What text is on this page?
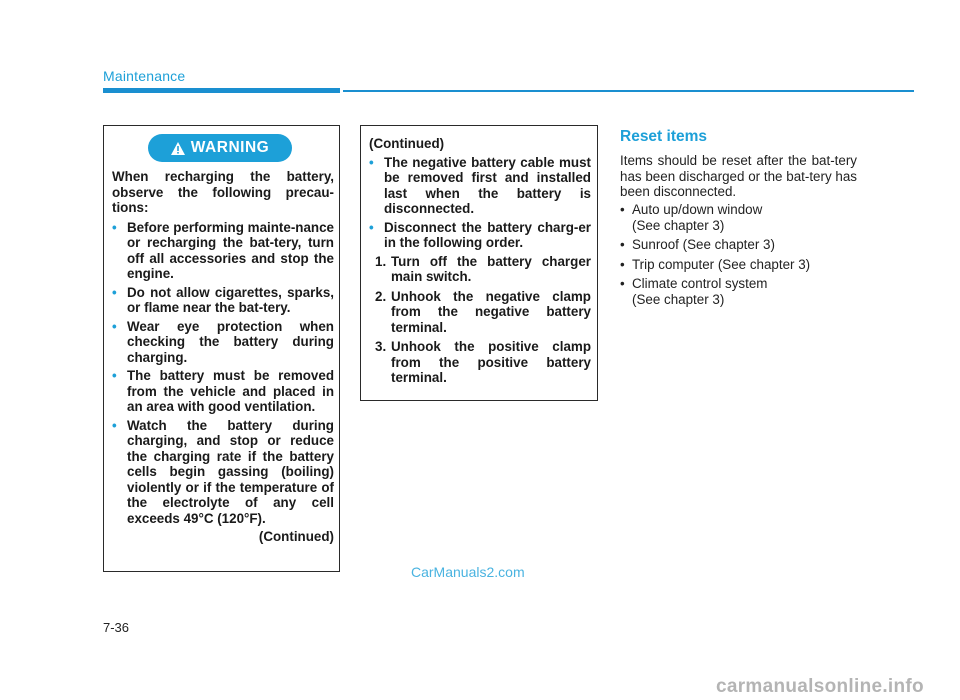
Maintenance
WARNING

When recharging the battery, observe the following precau-tions:

• Before performing mainte-nance or recharging the bat-tery, turn off all accessories and stop the engine.
• Do not allow cigarettes, sparks, or flame near the bat-tery.
• Wear eye protection when checking the battery during charging.
• The battery must be removed from the vehicle and placed in an area with good ventilation.
• Watch the battery during charging, and stop or reduce the charging rate if the battery cells begin gassing (boiling) violently or if the temperature of the electrolyte of any cell exceeds 49°C (120°F).
(Continued)

(Continued)

• The negative battery cable must be removed first and installed last when the battery is disconnected.
• Disconnect the battery charg-er in the following order.
1. Turn off the battery charger main switch.
2. Unhook the negative clamp from the negative battery terminal.
3. Unhook the positive clamp from the positive battery terminal.
Reset items
Items should be reset after the bat-tery has been discharged or the bat-tery has been disconnected.
• Auto up/down window
(See chapter 3)
• Sunroof (See chapter 3)
• Trip computer (See chapter 3)
• Climate control system
(See chapter 3)
CarManuals2.com
7-36
carmanualsonline.info
